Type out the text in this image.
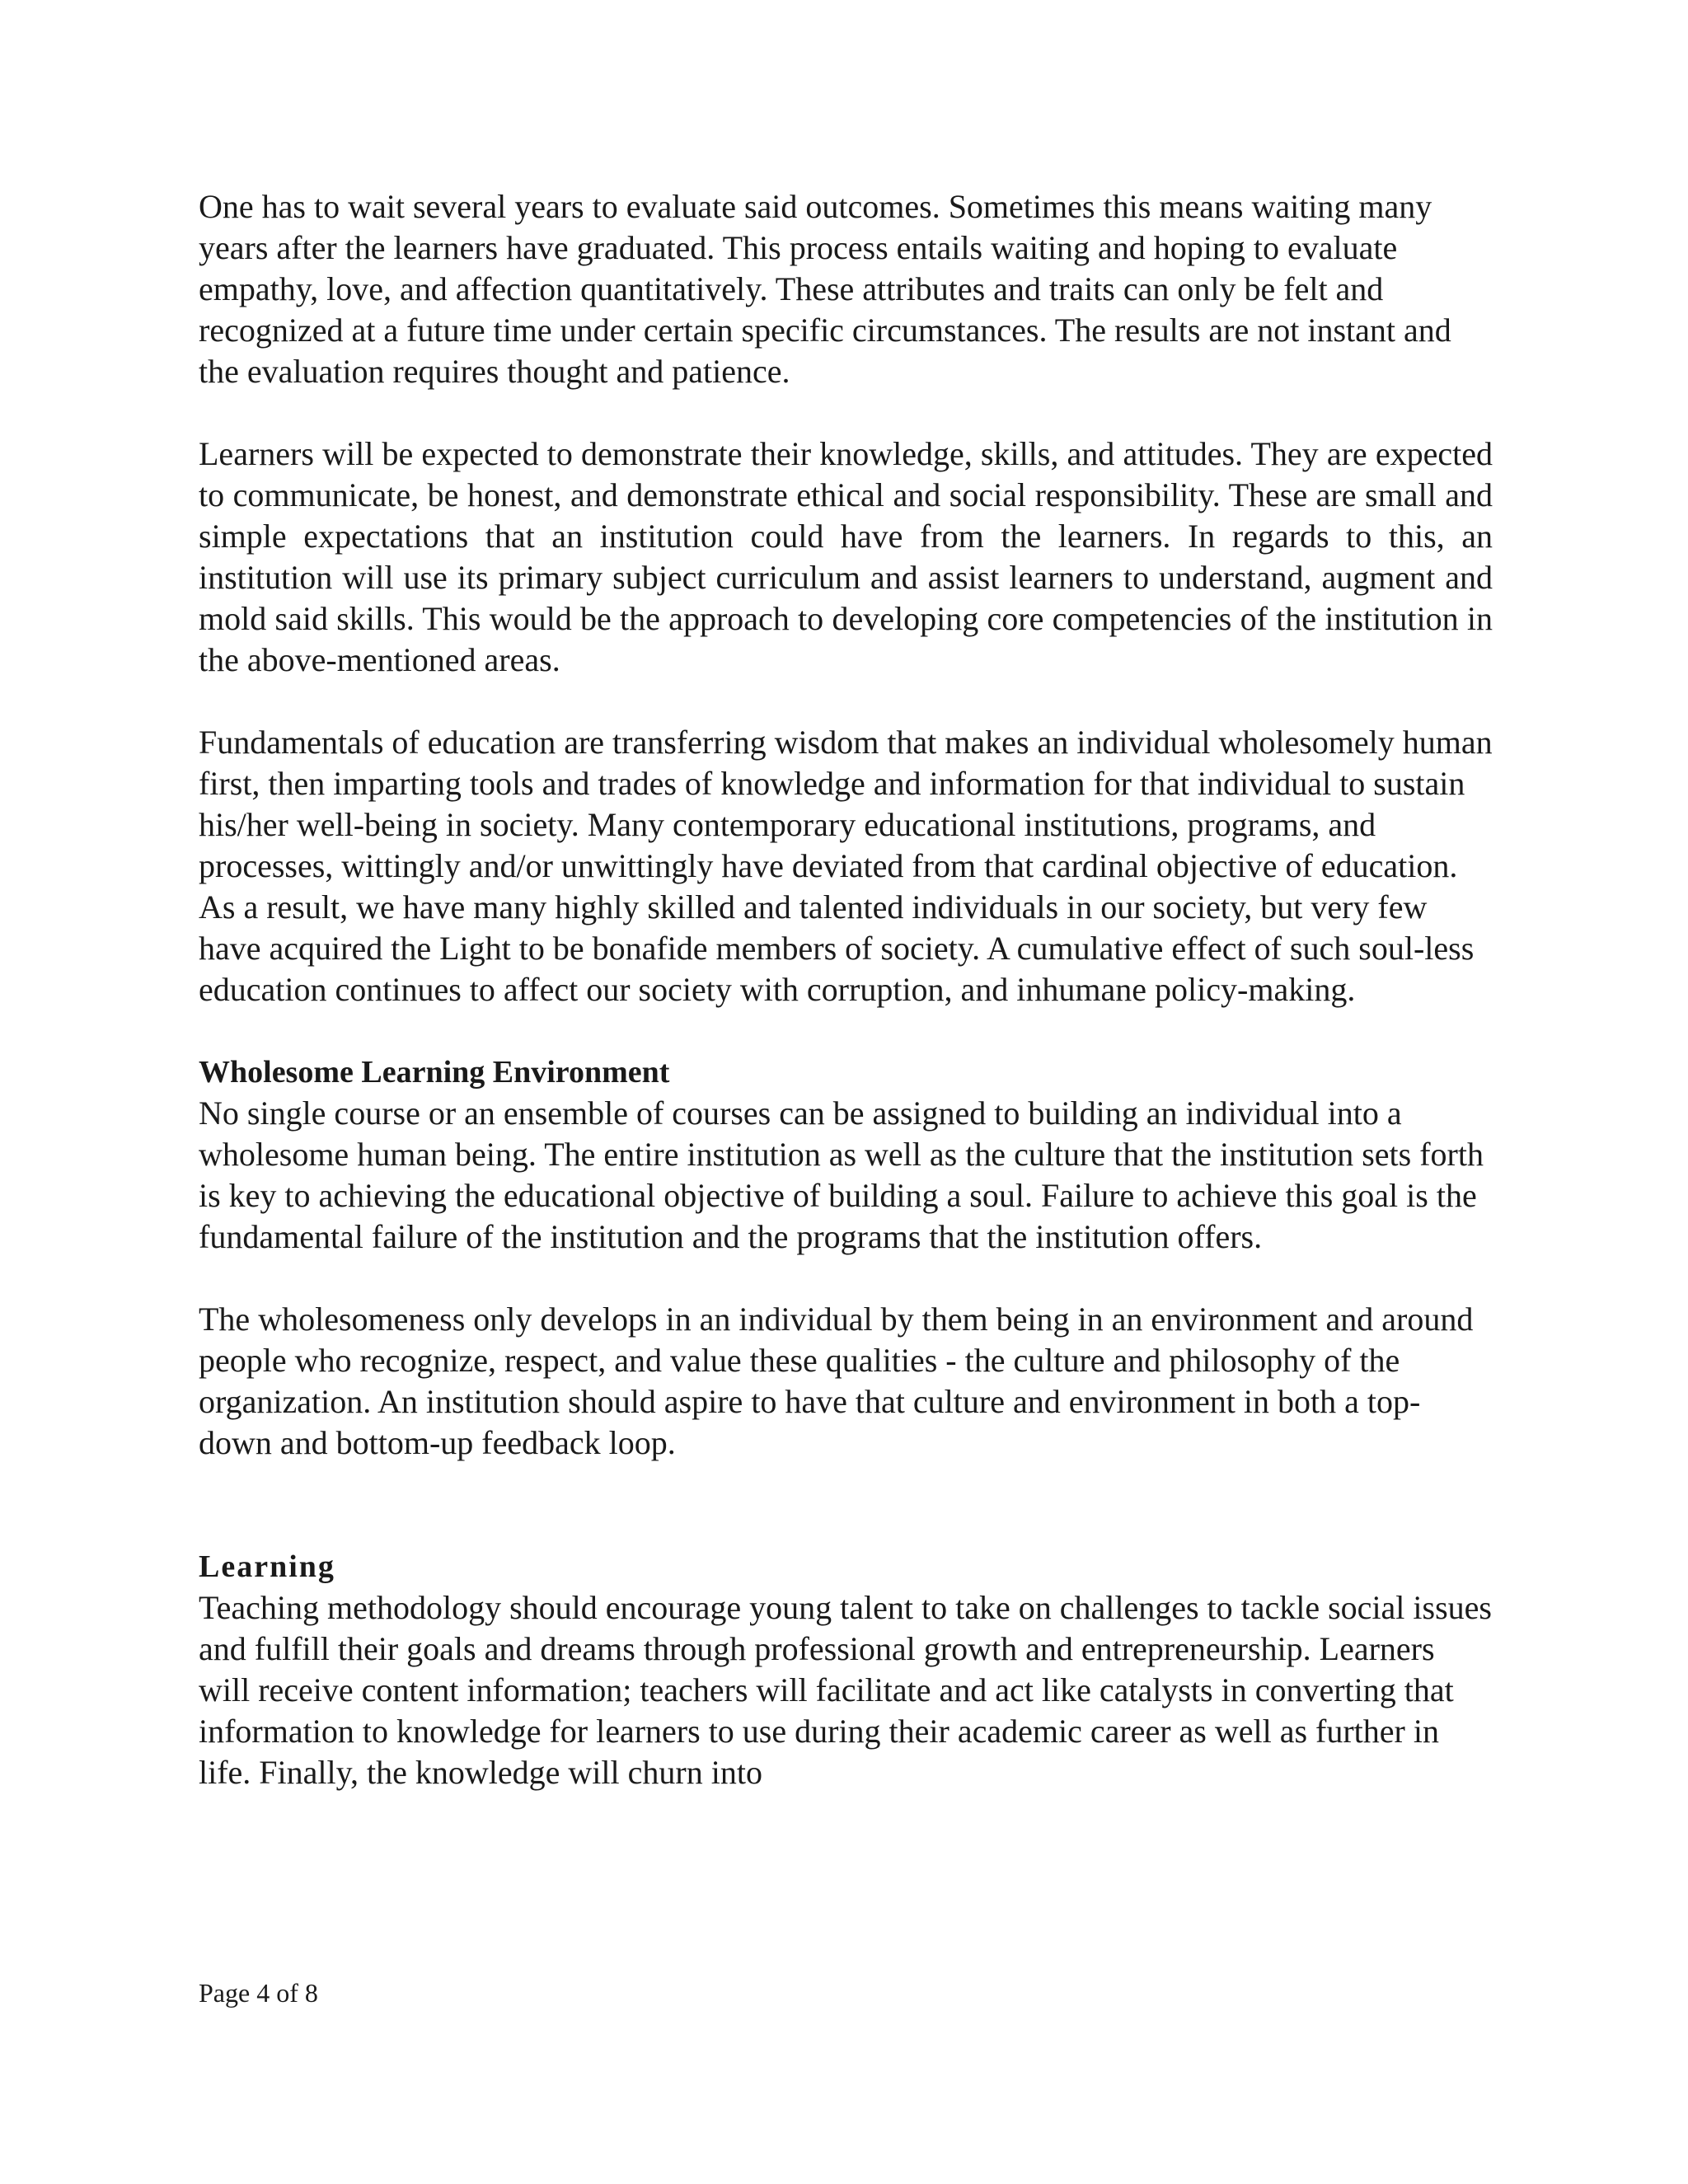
One has to wait several years to evaluate said outcomes. Sometimes this means waiting many years after the learners have graduated. This process entails waiting and hoping to evaluate empathy, love, and affection quantitatively. These attributes and traits can only be felt and recognized at a future time under certain specific circumstances. The results are not instant and the evaluation requires thought and patience.

Learners will be expected to demonstrate their knowledge, skills, and attitudes. They are expected to communicate, be honest, and demonstrate ethical and social responsibility. These are small and simple expectations that an institution could have from the learners. In regards to this, an institution will use its primary subject curriculum and assist learners to understand, augment and mold said skills. This would be the approach to developing core competencies of the institution in the above-mentioned areas.

Fundamentals of education are transferring wisdom that makes an individual wholesomely human first, then imparting tools and trades of knowledge and information for that individual to sustain his/her well-being in society. Many contemporary educational institutions, programs, and processes, wittingly and/or unwittingly have deviated from that cardinal objective of education. As a result, we have many highly skilled and talented individuals in our society, but very few have acquired the Light to be bonafide members of society. A cumulative effect of such soul-less education continues to affect our society with corruption, and inhumane policy-making.

Wholesome Learning Environment

No single course or an ensemble of courses can be assigned to building an individual into a wholesome human being. The entire institution as well as the culture that the institution sets forth is key to achieving the educational objective of building a soul. Failure to achieve this goal is the fundamental failure of the institution and the programs that the institution offers.

The wholesomeness only develops in an individual by them being in an environment and around people who recognize, respect, and value these qualities - the culture and philosophy of the organization. An institution should aspire to have that culture and environment in both a top-down and bottom-up feedback loop.

Learning

Teaching methodology should encourage young talent to take on challenges to tackle social issues and fulfill their goals and dreams through professional growth and entrepreneurship. Learners will receive content information; teachers will facilitate and act like catalysts in converting that information to knowledge for learners to use during their academic career as well as further in life. Finally, the knowledge will churn into

Page 4 of 8
